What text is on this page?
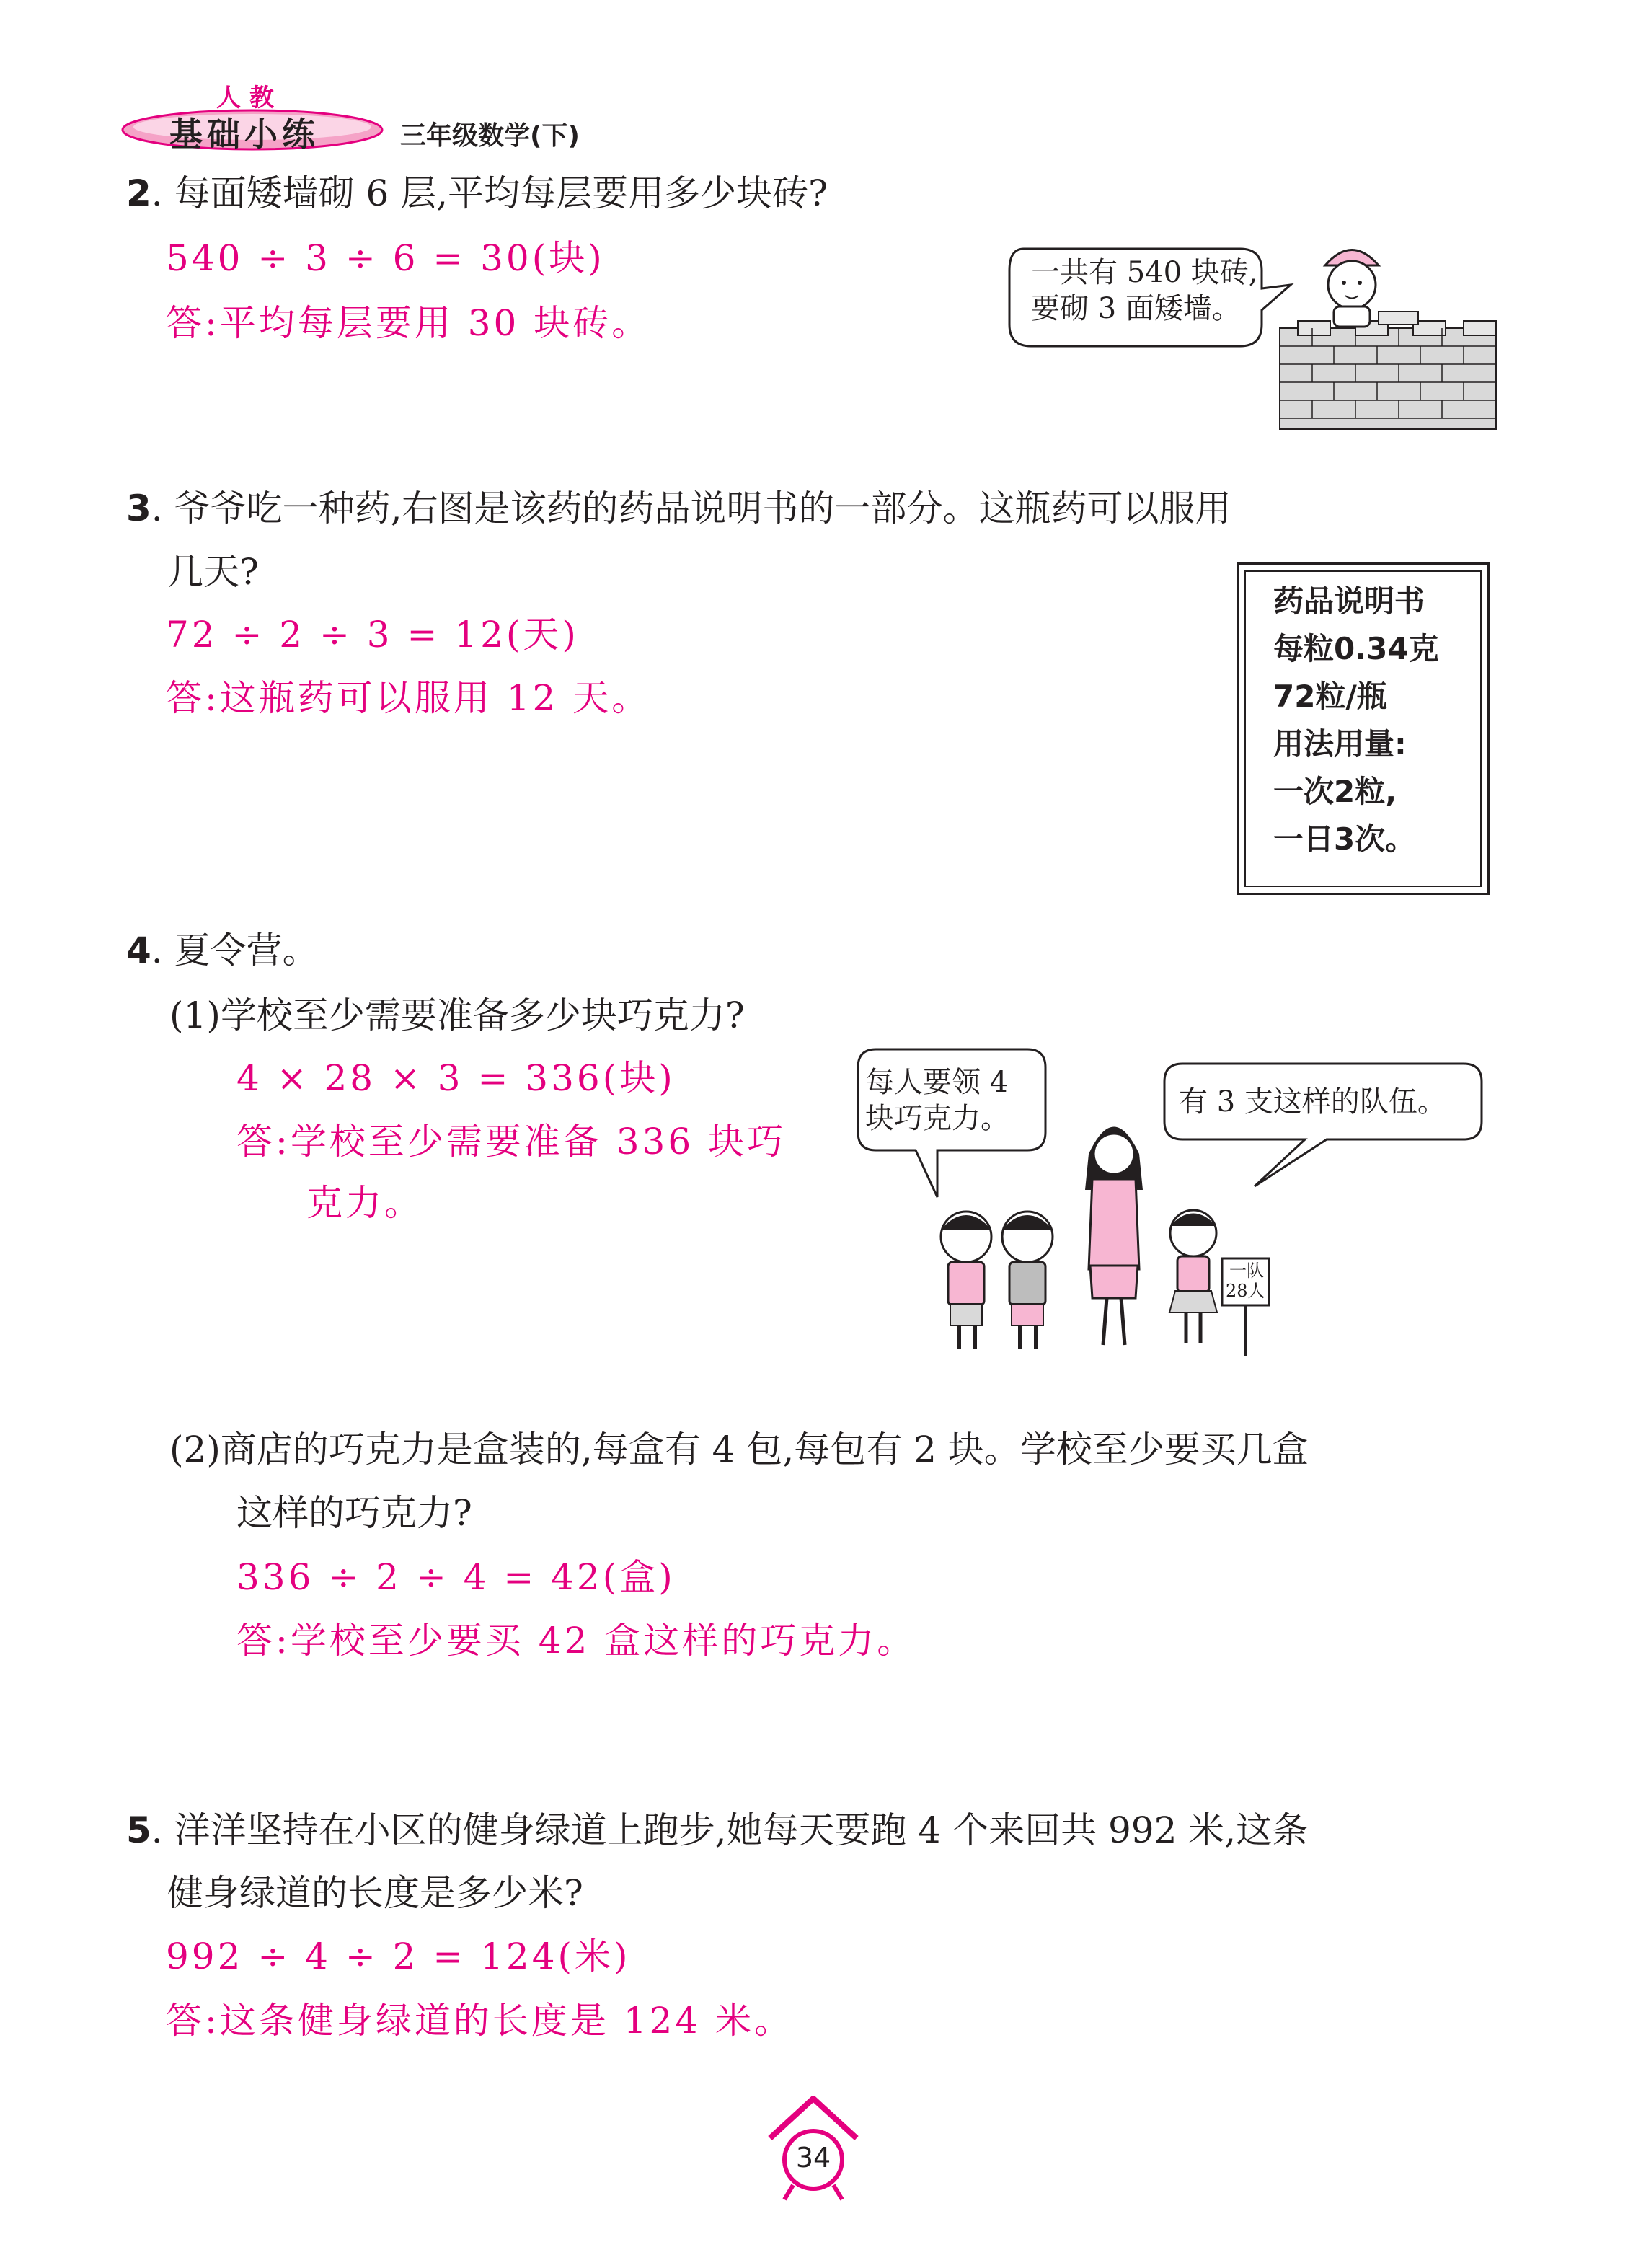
人 教
基础小练	三年级数学(下)
2. 每面矮墙砌 6 层,平均每层要用多少块砖?
540 ÷ 3 ÷ 6 = 30(块)
答:平均每层要用 30 块砖。
一共有 540 块砖,
要砌 3 面矮墙。
3. 爷爷吃一种药,右图是该药的药品说明书的一部分。这瓶药可以服用
几天?
72 ÷ 2 ÷ 3 = 12(天)
答:这瓶药可以服用 12 天。
药品说明书
每粒0.34克
72粒/瓶
用法用量:
一次2粒,
一日3次。
4. 夏令营。
(1)学校至少需要准备多少块巧克力?
4 × 28 × 3 = 336(块)
答:学校至少需要准备 336 块巧
克力。
每人要领 4
块巧克力。	有 3 支这样的队伍。
一队
28人
(2)商店的巧克力是盒装的,每盒有 4 包,每包有 2 块。学校至少要买几盒
这样的巧克力?
336 ÷ 2 ÷ 4 = 42(盒)
答:学校至少要买 42 盒这样的巧克力。
5. 洋洋坚持在小区的健身绿道上跑步,她每天要跑 4 个来回共 992 米,这条
健身绿道的长度是多少米?
992 ÷ 4 ÷ 2 = 124(米)
答:这条健身绿道的长度是 124 米。
34
